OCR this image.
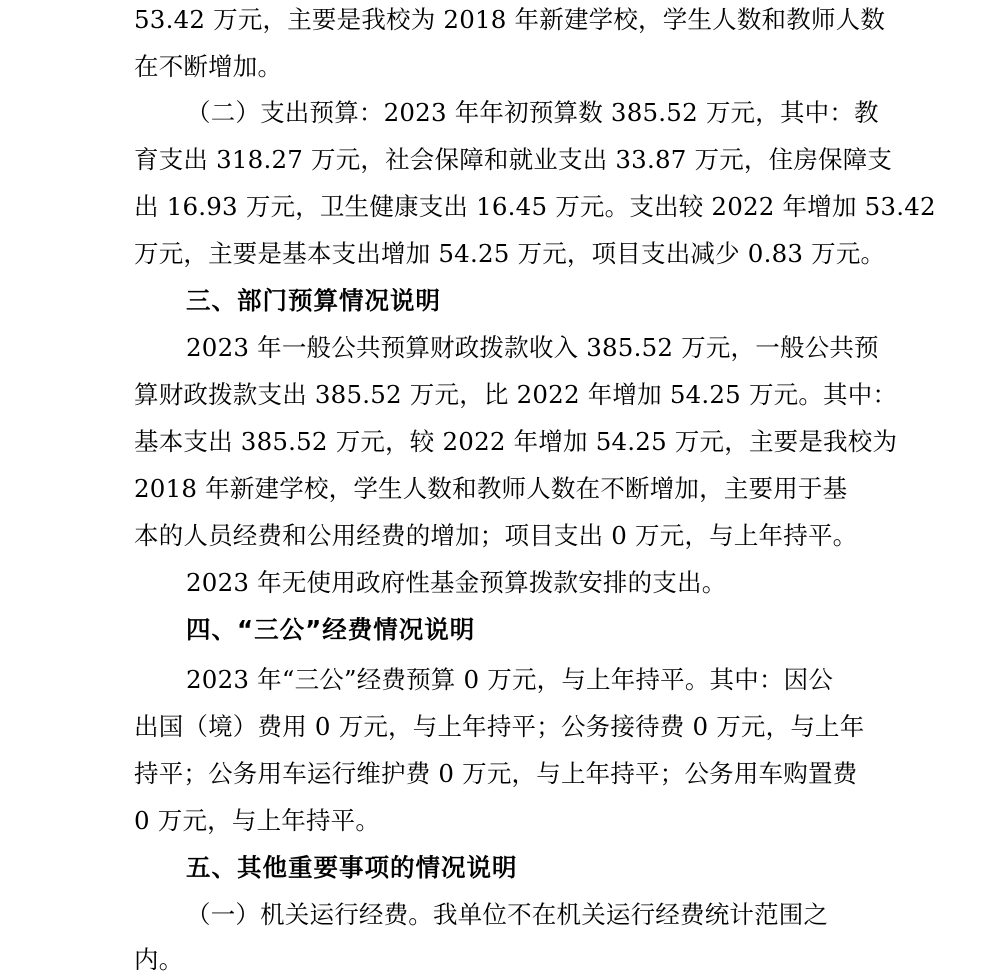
53.42 万元，主要是我校为 2018 年新建学校，学生人数和教师人数
在不断增加。
（二）支出预算：2023 年年初预算数 385.52 万元，其中：教
育支出 318.27 万元，社会保障和就业支出 33.87 万元，住房保障支
出 16.93 万元，卫生健康支出 16.45 万元。支出较 2022 年增加 53.42
万元，主要是基本支出增加 54.25 万元，项目支出减少 0.83 万元。
三、部门预算情况说明
2023 年一般公共预算财政拨款收入 385.52 万元，一般公共预
算财政拨款支出 385.52 万元，比 2022 年增加 54.25 万元。其中：
基本支出 385.52 万元，较 2022 年增加 54.25 万元，主要是我校为
2018 年新建学校，学生人数和教师人数在不断增加，主要用于基
本的人员经费和公用经费的增加；项目支出 0 万元，与上年持平。
2023 年无使用政府性基金预算拨款安排的支出。
四、“三公”经费情况说明
2023 年“三公”经费预算 0 万元，与上年持平。其中：因公
出国（境）费用 0 万元，与上年持平；公务接待费 0 万元，与上年
持平；公务用车运行维护费 0 万元，与上年持平；公务用车购置费
0 万元，与上年持平。
五、其他重要事项的情况说明
（一）机关运行经费。我单位不在机关运行经费统计范围之
内。
